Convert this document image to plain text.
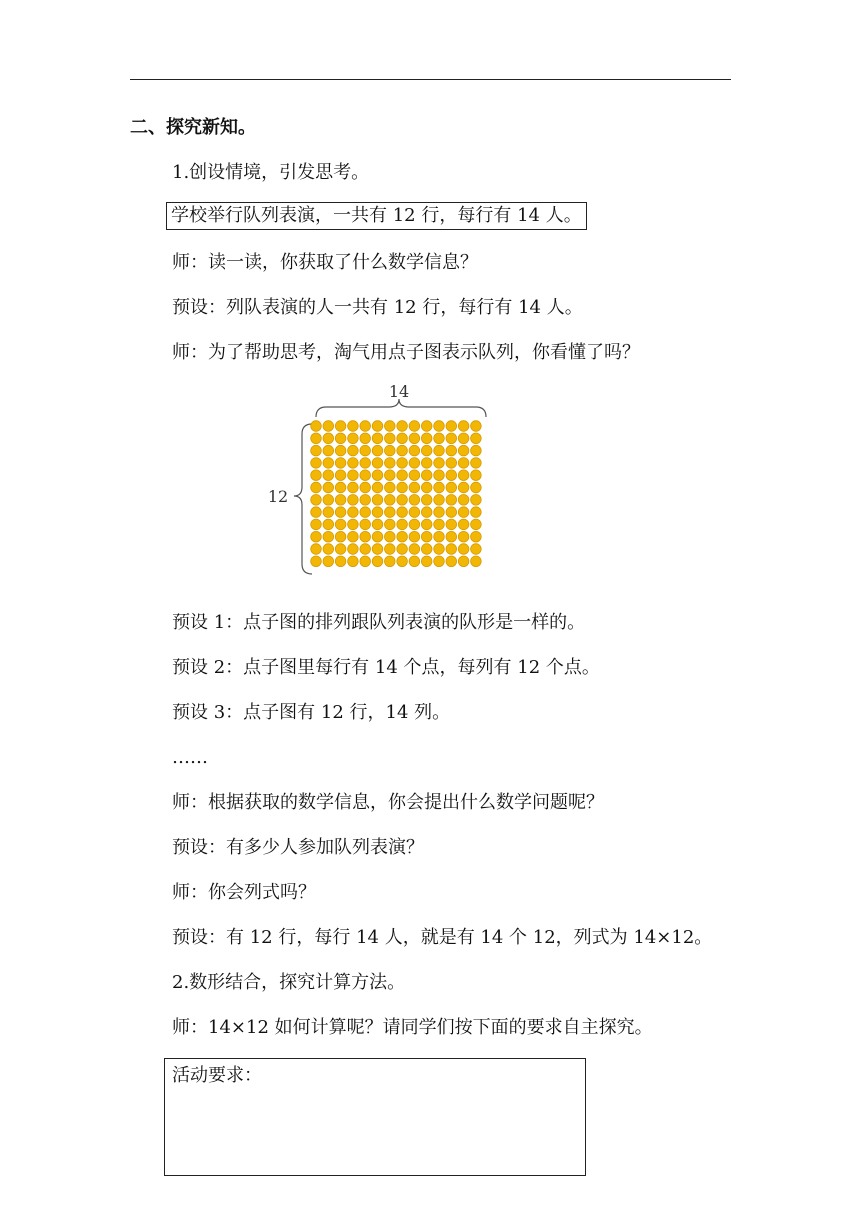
二、探究新知。
1.创设情境，引发思考。
学校举行队列表演，一共有 12 行，每行有 14 人。
师：读一读，你获取了什么数学信息？
预设：列队表演的人一共有 12 行，每行有 14 人。
师：为了帮助思考，淘气用点子图表示队列，你看懂了吗？
14
12
预设 1：点子图的排列跟队列表演的队形是一样的。
预设 2：点子图里每行有 14 个点，每列有 12 个点。
预设 3：点子图有 12 行，14 列。
……
师：根据获取的数学信息，你会提出什么数学问题呢？
预设：有多少人参加队列表演？
师：你会列式吗？
预设：有 12 行，每行 14 人，就是有 14 个 12，列式为 14×12。
2.数形结合，探究计算方法。
师：14×12 如何计算呢？请同学们按下面的要求自主探究。
活动要求：
